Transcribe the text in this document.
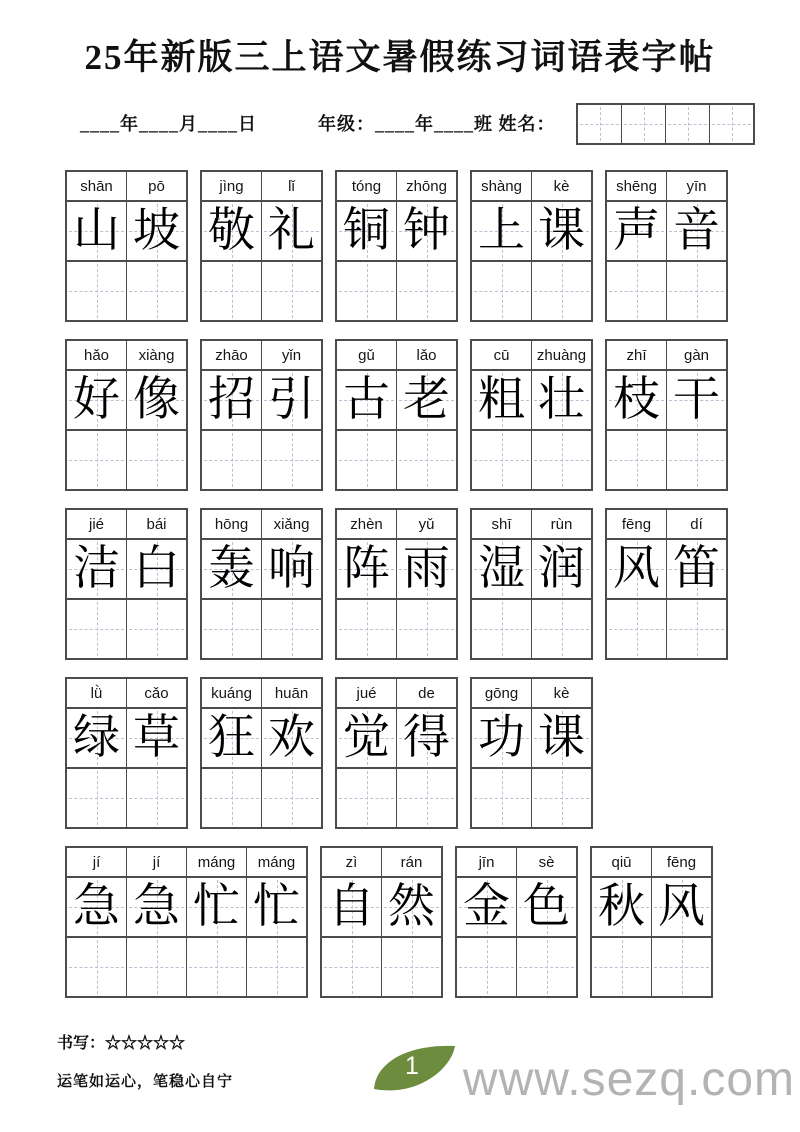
25年新版三上语文暑假练习词语表字帖
____年____月____日	年级：____年____班 姓名：
shān	pō
山 坡
jìng	lǐ
敬 礼
tóng	zhōng
铜 钟
shàng	kè
上 课
shēng	yīn
声 音
hǎo	xiàng
好 像
zhāo	yǐn
招 引
gǔ	lǎo
古 老
cū	zhuàng
粗 壮
zhī	gàn
枝 干
jié	bái
洁 白
hōng	xiǎng
轰 响
zhèn	yǔ
阵 雨
shī	rùn
湿 润
fēng	dí
风 笛
lǜ	cǎo
绿 草
kuáng	huān
狂 欢
jué	de
觉 得
gōng	kè
功 课
jí	jí	máng	máng
急 急 忙 忙
zì	rán
自 然
jīn	sè
金 色
qiū	fēng
秋 风
书写：☆☆☆☆☆
运笔如运心，笔稳心自宁
1 www.sezq.com
